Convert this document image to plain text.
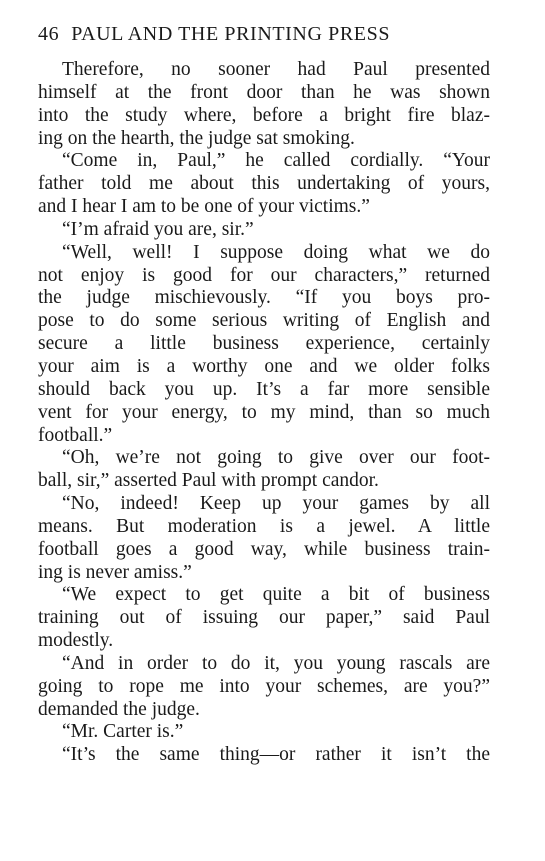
46 PAUL AND THE PRINTING PRESS
Therefore, no sooner had Paul presented
himself at the front door than he was shown
into the study where, before a bright fire blaz-
ing on the hearth, the judge sat smoking.
“Come in, Paul,” he called cordially. “Your
father told me about this undertaking of yours,
and I hear I am to be one of your victims.”
“I’m afraid you are, sir.”
“Well, well! I suppose doing what we do
not enjoy is good for our characters,” returned
the judge mischievously. “If you boys pro-
pose to do some serious writing of English and
secure a little business experience, certainly
your aim is a worthy one and we older folks
should back you up. It’s a far more sensible
vent for your energy, to my mind, than so much
football.”
“Oh, we’re not going to give over our foot-
ball, sir,” asserted Paul with prompt candor.
“No, indeed! Keep up your games by all
means. But moderation is a jewel. A little
football goes a good way, while business train-
ing is never amiss.”
“We expect to get quite a bit of business
training out of issuing our paper,” said Paul
modestly.
“And in order to do it, you young rascals are
going to rope me into your schemes, are you?”
demanded the judge.
“Mr. Carter is.”
“It’s the same thing—or rather it isn’t the
